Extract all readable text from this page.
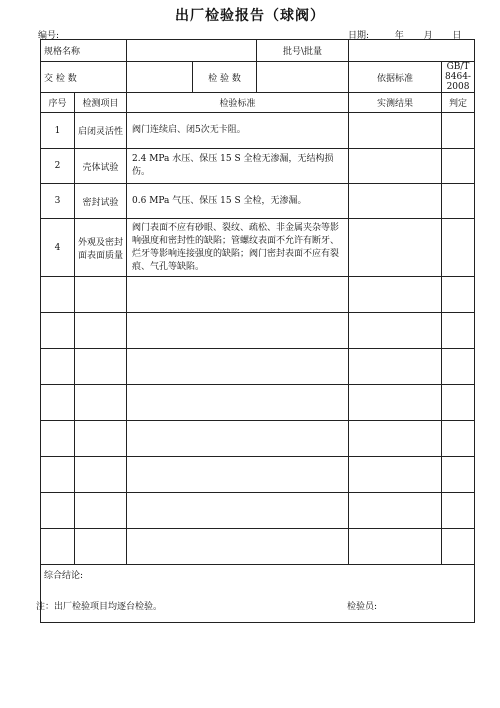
出厂检验报告（球阀）
编号:	日期:	年 月 日
规格名称				批号\批量		
交 检 数			检 验 数		依据标准	GB/T 8464-2008
序号	检测项目	检验标准			实测结果	判定
1	启闭灵活性	阀门连续启、闭5次无卡阻。				
2	壳体试验	2.4 MPa 水压、保压 15 S 全检无渗漏，无结构损伤。				
3	密封试验	0.6 MPa 气压、保压 15 S 全检，无渗漏。				
4	外观及密封面表面质量	阀门表面不应有砂眼、裂纹、疏松、非金属夹杂等影响强度和密封性的缺陷；管螺纹表面不允许有断牙、烂牙等影响连接强度的缺陷；阀门密封表面不应有裂痕、气孔等缺陷。				

综合结论:
检验员:						
注：出厂检验项目均逐台检验。
